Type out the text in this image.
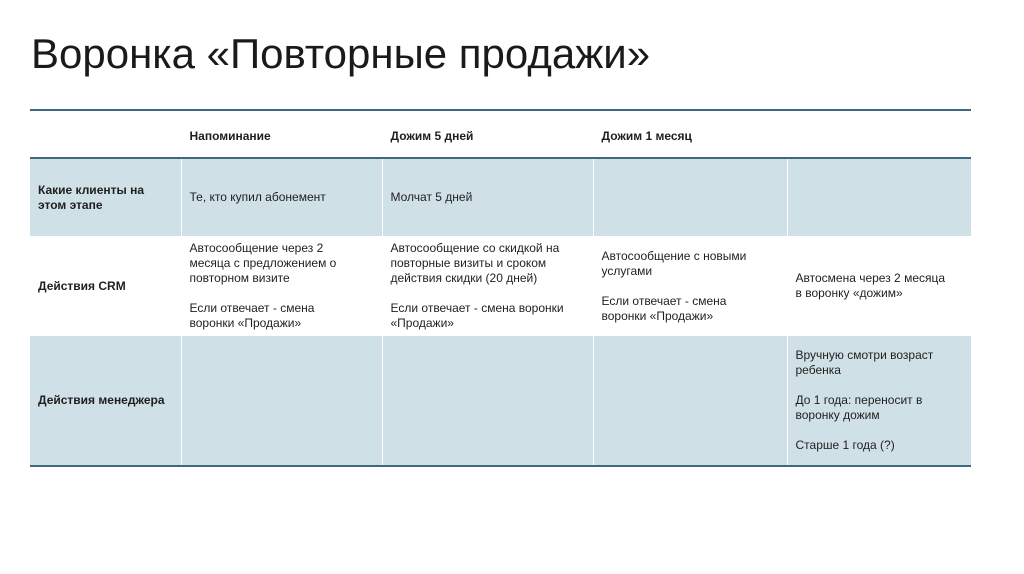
Воронка «Повторные продажи»
	Напоминание	Дожим 5 дней	Дожим 1 месяц	

Какие клиенты на
этом этапе	Те, кто купил абонемент	Молчат 5 дней		

Действия CRM	Автосообщение через 2
месяца с предложением о
повторном визите

Если отвечает - смена
воронки «Продажи»	Автосообщение со скидкой на
повторные визиты и сроком
действия скидки (20 дней)

Если отвечает - смена воронки
«Продажи»	Автосообщение с новыми
услугами

Если отвечает - смена
воронки «Продажи»	Автосмена через 2 месяца
в воронку «дожим»

Действия менеджера				Вручную смотри возраст
ребенка

До 1 года: переносит в
воронку дожим

Старше 1 года (?)
